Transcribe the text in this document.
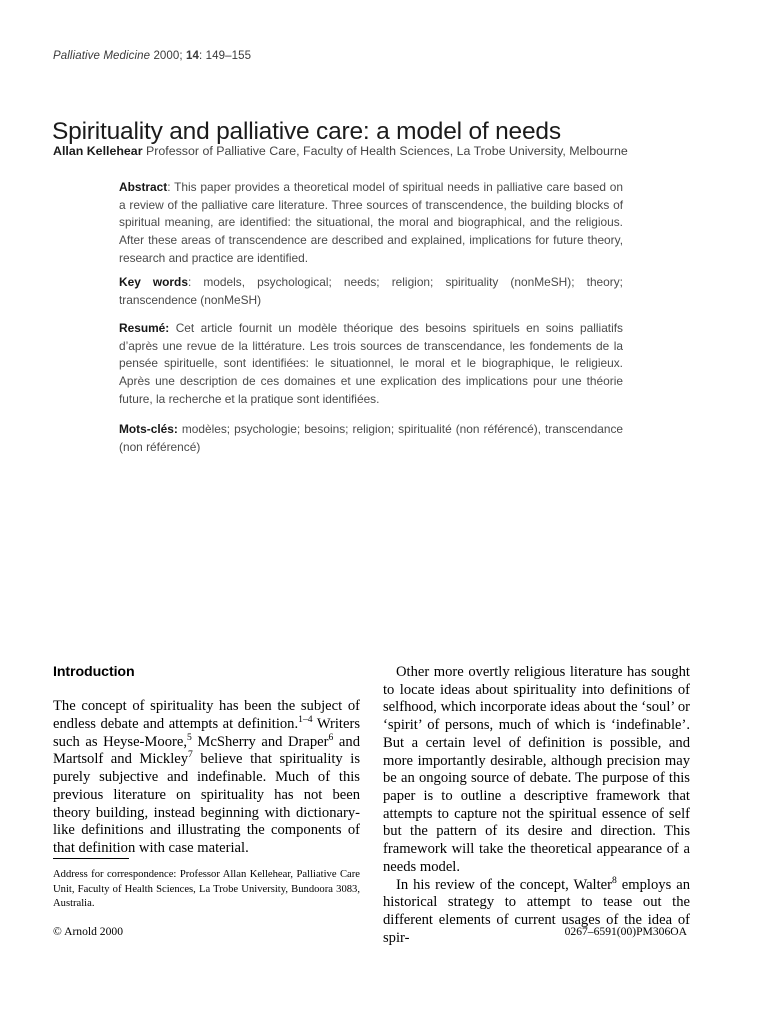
Palliative Medicine 2000; 14: 149–155
Spirituality and palliative care: a model of needs
Allan Kellehear Professor of Palliative Care, Faculty of Health Sciences, La Trobe University, Melbourne
Abstract: This paper provides a theoretical model of spiritual needs in palliative care based on a review of the palliative care literature. Three sources of transcendence, the building blocks of spiritual meaning, are identified: the situational, the moral and biographical, and the religious. After these areas of transcendence are described and explained, implications for future theory, research and practice are identified.
Key words: models, psychological; needs; religion; spirituality (nonMeSH); theory; transcendence (nonMeSH)
Resumé: Cet article fournit un modèle théorique des besoins spirituels en soins palliatifs d’après une revue de la littérature. Les trois sources de transcendance, les fondements de la pensée spirituelle, sont identifiées: le situationnel, le moral et le biographique, le religieux. Après une description de ces domaines et une explication des implications pour une théorie future, la recherche et la pratique sont identifiées.
Mots-clés: modèles; psychologie; besoins; religion; spiritualité (non référencé), transcendance (non référencé)
Introduction

The concept of spirituality has been the subject of endless debate and attempts at definition.$^{1-4}$ Writers such as Heyse-Moore,$^5$ McSherry and Draper$^6$ and Martsolf and Mickley$^7$ believe that spirituality is purely subjective and indefinable. Much of this previous literature on spirituality has not been theory building, instead beginning with dictionary-like definitions and illustrating the components of that definition with case material.

Other more overtly religious literature has sought to locate ideas about spirituality into definitions of selfhood, which incorporate ideas about the ‘soul’ or ‘spirit’ of persons, much of which is ‘indefinable’. But a certain level of definition is possible, and more importantly desirable, although precision may be an ongoing source of debate. The purpose of this paper is to outline a descriptive framework that attempts to capture not the spiritual essence of self but the pattern of its desire and direction. This framework will take the theoretical appearance of a needs model.

In his review of the concept, Walter$^8$ employs an historical strategy to attempt to tease out the different elements of current usages of the idea of spir-

Address for correspondence: Professor Allan Kellehear, Palliative Care Unit, Faculty of Health Sciences, La Trobe University, Bundoora 3083, Australia.
© Arnold 2000	0267–6591(00)PM306OA
